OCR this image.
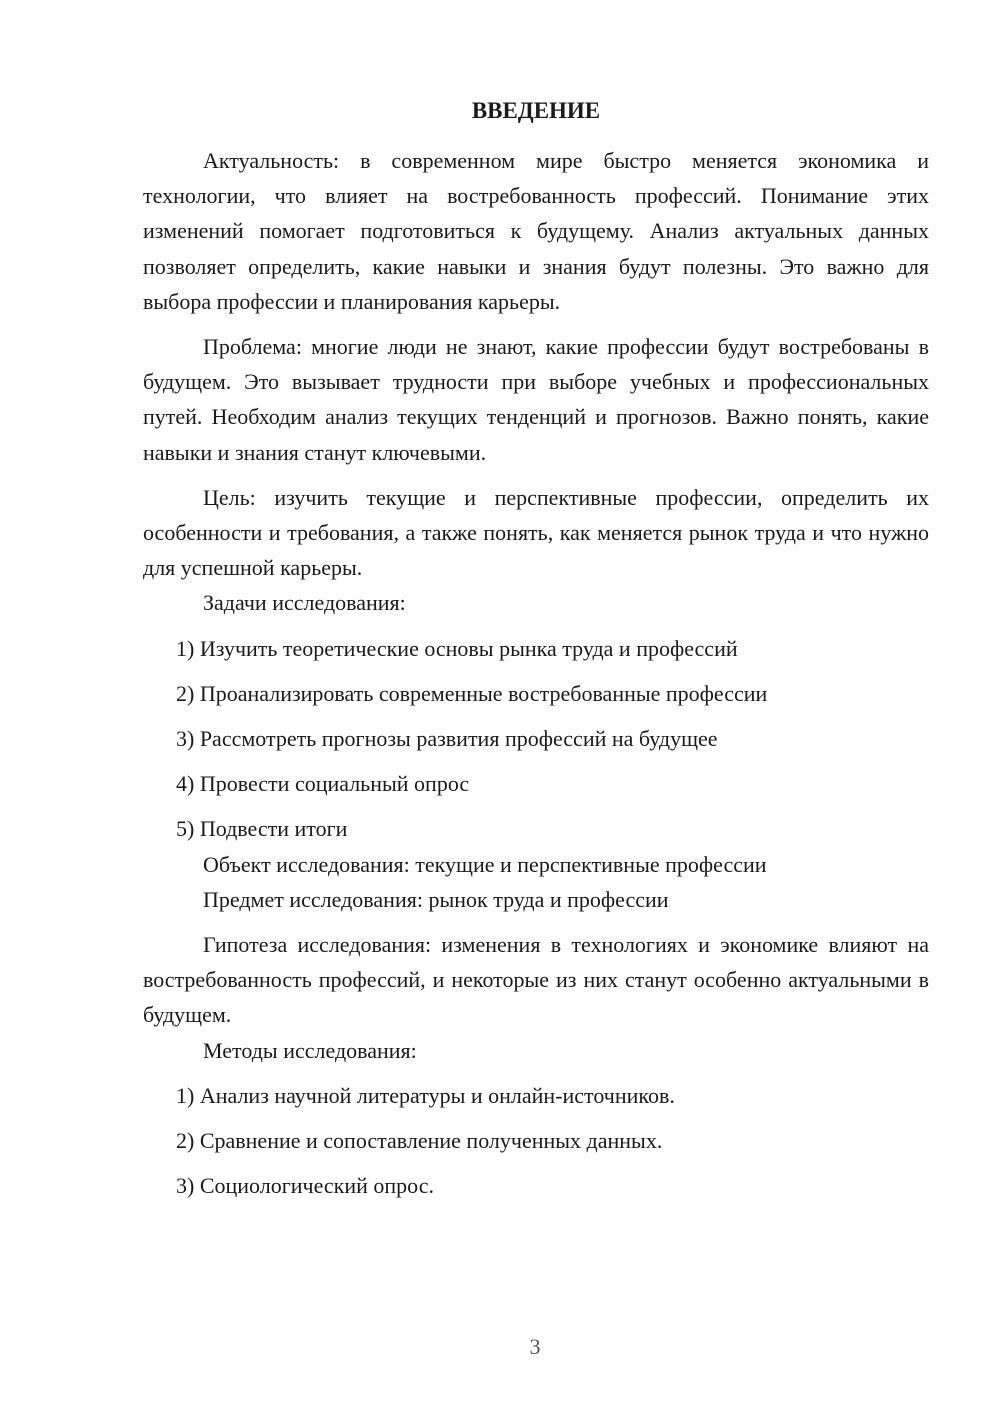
ВВЕДЕНИЕ

Актуальность: в современном мире быстро меняется экономика и технологии, что влияет на востребованность профессий. Понимание этих изменений помогает подготовиться к будущему. Анализ актуальных данных позволяет определить, какие навыки и знания будут полезны. Это важно для выбора профессии и планирования карьеры.

Проблема: многие люди не знают, какие профессии будут востребованы в будущем. Это вызывает трудности при выборе учебных и профессиональных путей. Необходим анализ текущих тенденций и прогнозов. Важно понять, какие навыки и знания станут ключевыми.

Цель: изучить текущие и перспективные профессии, определить их особенности и требования, а также понять, как меняется рынок труда и что нужно для успешной карьеры.

Задачи исследования:

1) Изучить теоретические основы рынка труда и профессий

2) Проанализировать современные востребованные профессии

3) Рассмотреть прогнозы развития профессий на будущее

4) Провести социальный опрос

5) Подвести итоги

Объект исследования: текущие и перспективные профессии

Предмет исследования: рынок труда и профессии

Гипотеза исследования: изменения в технологиях и экономике влияют на востребованность профессий, и некоторые из них станут особенно актуальными в будущем.

Методы исследования:

1) Анализ научной литературы и онлайн-источников.

2) Сравнение и сопоставление полученных данных.

3) Социологический опрос.

3
